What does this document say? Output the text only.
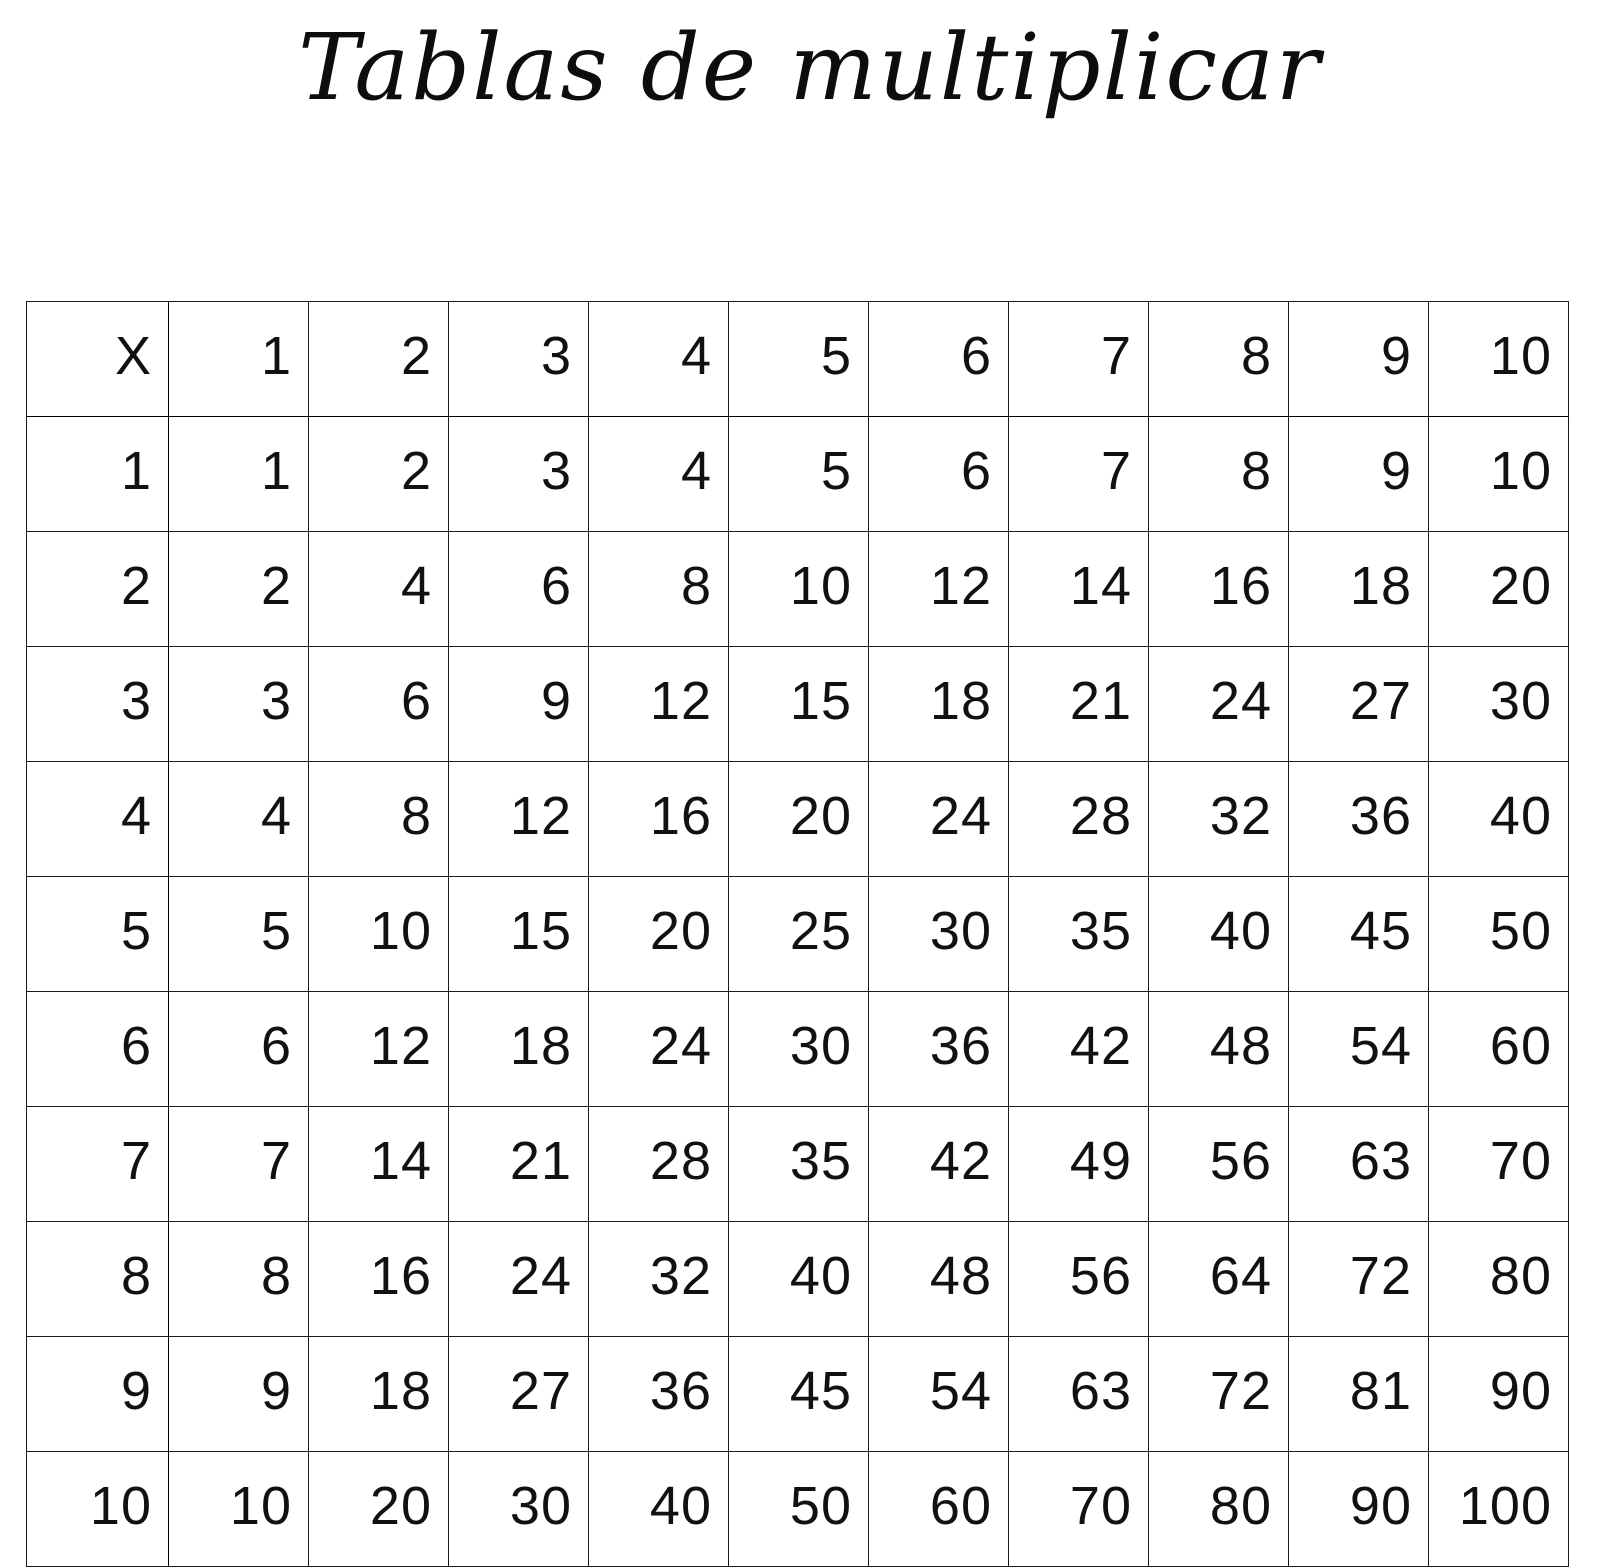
Tablas de multiplicar
X	1	2	3	4	5	6	7	8	9	10
1	1	2	3	4	5	6	7	8	9	10
2	2	4	6	8	10	12	14	16	18	20
3	3	6	9	12	15	18	21	24	27	30
4	4	8	12	16	20	24	28	32	36	40
5	5	10	15	20	25	30	35	40	45	50
6	6	12	18	24	30	36	42	48	54	60
7	7	14	21	28	35	42	49	56	63	70
8	8	16	24	32	40	48	56	64	72	80
9	9	18	27	36	45	54	63	72	81	90
10	10	20	30	40	50	60	70	80	90	100
